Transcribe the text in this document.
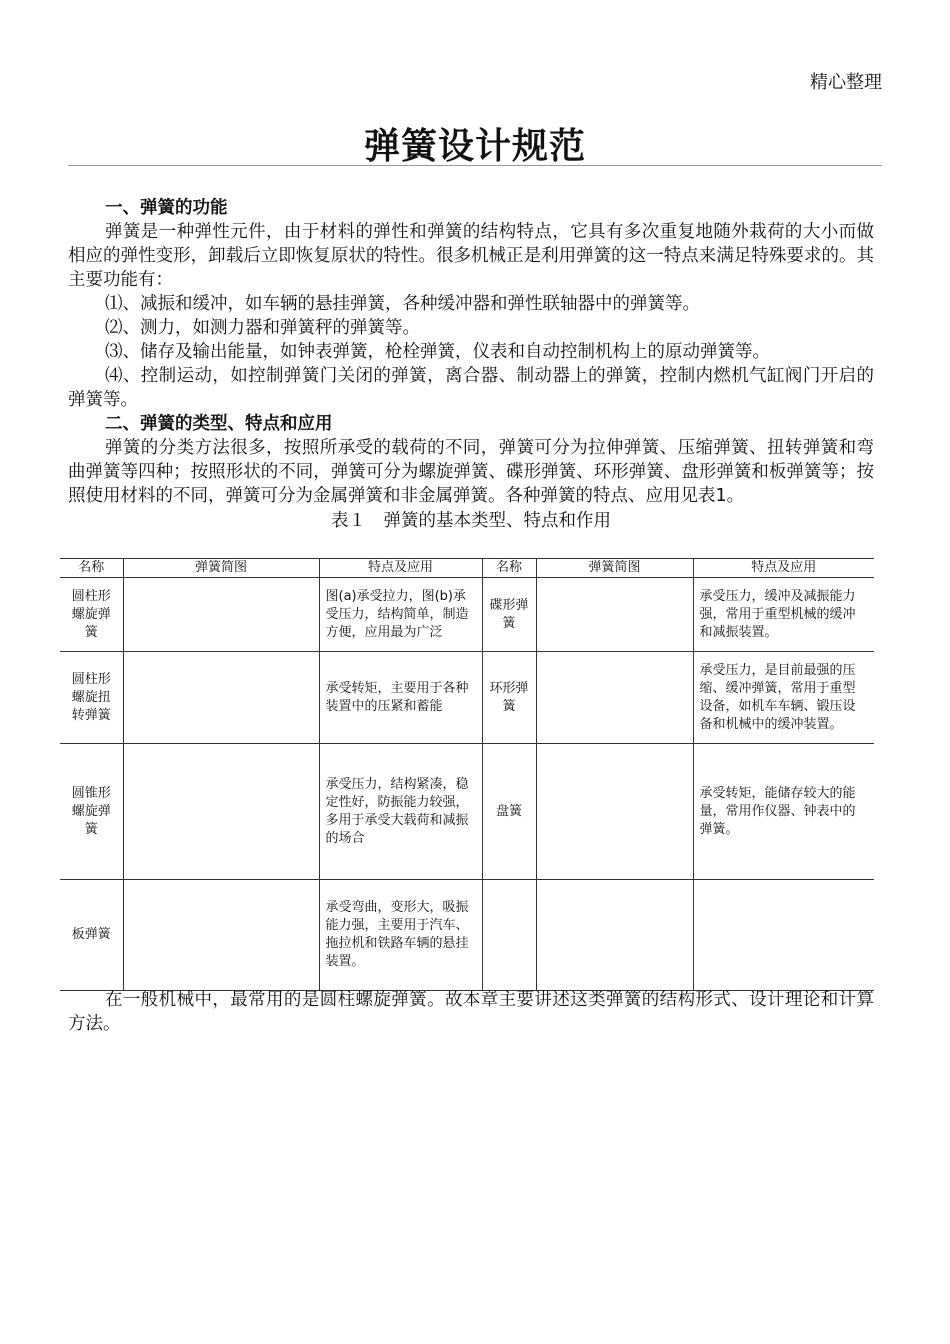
精心整理
弹簧设计规范

一、弹簧的功能

弹簧是一种弹性元件，由于材料的弹性和弹簧的结构特点，它具有多次重复地随外栽荷的大小而做相应的弹性变形，卸载后立即恢复原状的特性。很多机械正是利用弹簧的这一特点来满足特殊要求的。其主要功能有：

⑴、减振和缓冲，如车辆的悬挂弹簧，各种缓冲器和弹性联轴器中的弹簧等。

⑵、测力，如测力器和弹簧秤的弹簧等。

⑶、储存及输出能量，如钟表弹簧，枪栓弹簧，仪表和自动控制机构上的原动弹簧等。

⑷、控制运动，如控制弹簧门关闭的弹簧，离合器、制动器上的弹簧，控制内燃机气缸阀门开启的弹簧等。

二、弹簧的类型、特点和应用

弹簧的分类方法很多，按照所承受的载荷的不同，弹簧可分为拉伸弹簧、压缩弹簧、扭转弹簧和弯曲弹簧等四种；按照形状的不同，弹簧可分为螺旋弹簧、碟形弹簧、环形弹簧、盘形弹簧和板弹簧等；按照使用材料的不同，弹簧可分为金属弹簧和非金属弹簧。各种弹簧的特点、应用见表1。

表１　弹簧的基本类型、特点和作用
名称	弹簧简图	特点及应用	名称	弹簧简图	特点及应用
圆柱形螺旋弹簧		图(a)承受拉力，图(b)承受压力，结构简单，制造方便，应用最为广泛	碟形弹簧		承受压力，缓冲及减振能力强，常用于重型机械的缓冲和减振装置。
圆柱形螺旋扭转弹簧		承受转矩，主要用于各种装置中的压紧和蓄能	环形弹簧		承受压力，是目前最强的压缩、缓冲弹簧，常用于重型设备，如机车车辆、锻压设备和机械中的缓冲装置。
圆锥形螺旋弹簧		承受压力，结构紧凑，稳定性好，防振能力较强，多用于承受大载荷和减振的场合	盘簧		承受转矩，能储存较大的能量，常用作仪器、钟表中的弹簧。
板弹簧		承受弯曲，变形大，吸振能力强，主要用于汽车、拖拉机和铁路车辆的悬挂装置。			

在一般机械中，最常用的是圆柱螺旋弹簧。故本章主要讲述这类弹簧的结构形式、设计理论和计算方法。
